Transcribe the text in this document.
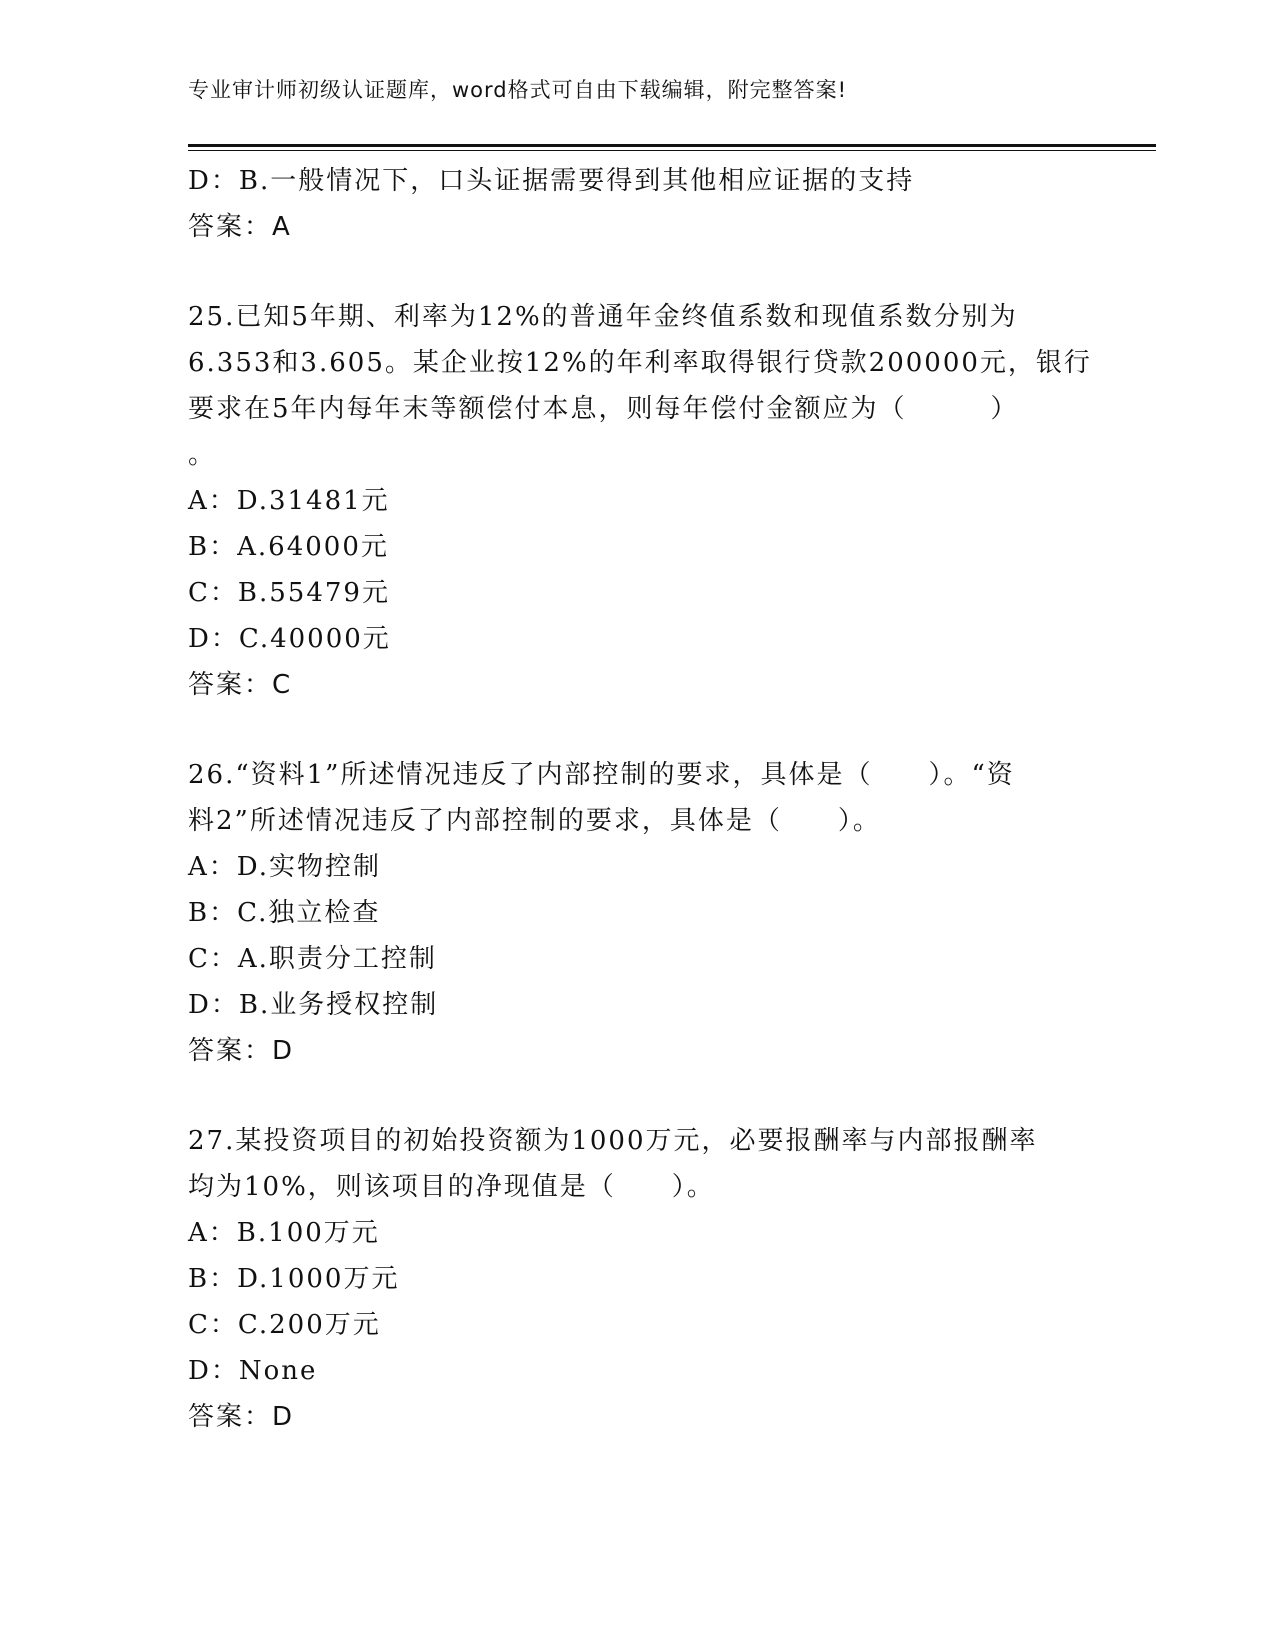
专业审计师初级认证题库，word格式可自由下载编辑，附完整答案!
D：B.一般情况下，口头证据需要得到其他相应证据的支持
答案：A
25.已知5年期、利率为12%的普通年金终值系数和现值系数分别为
6.353和3.605。某企业按12%的年利率取得银行贷款200000元，银行
要求在5年内每年末等额偿付本息，则每年偿付金额应为（　　　）
。
A：D.31481元
B：A.64000元
C：B.55479元
D：C.40000元
答案：C
26.“资料1”所述情况违反了内部控制的要求，具体是（　　）。“资
料2”所述情况违反了内部控制的要求，具体是（　　）。
A：D.实物控制
B：C.独立检查
C：A.职责分工控制
D：B.业务授权控制
答案：D
27.某投资项目的初始投资额为1000万元，必要报酬率与内部报酬率
均为10%，则该项目的净现值是（　　）。
A：B.100万元
B：D.1000万元
C：C.200万元
D：None
答案：D
